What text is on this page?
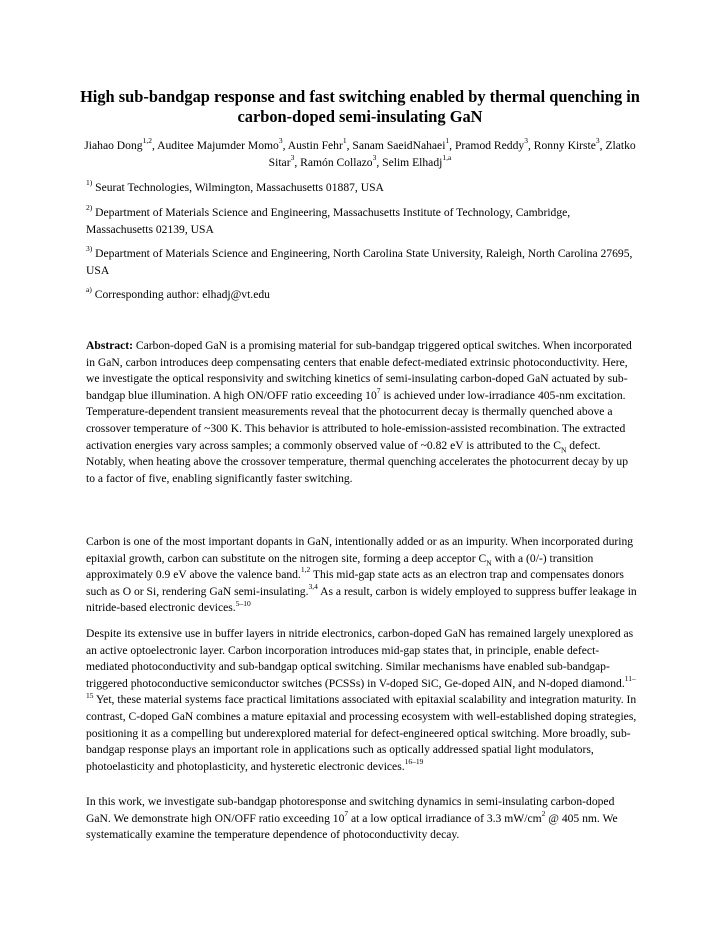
High sub-bandgap response and fast switching enabled by thermal quenching in carbon-doped semi-insulating GaN
Jiahao Dong$^{1,2}$, Auditee Majumder Momo$^3$, Austin Fehr$^1$, Sanam SaeidNahaei$^1$, Pramod Reddy$^3$, Ronny Kirste$^3$, Zlatko Sitar$^3$, Ramón Collazo$^3$, Selim Elhadj$^{1,a}$
$^{1)}$ Seurat Technologies, Wilmington, Massachusetts 01887, USA
$^{2)}$ Department of Materials Science and Engineering, Massachusetts Institute of Technology, Cambridge, Massachusetts 02139, USA
$^{3)}$ Department of Materials Science and Engineering, North Carolina State University, Raleigh, North Carolina 27695, USA
$^{a)}$ Corresponding author: elhadj@vt.edu
Abstract: Carbon-doped GaN is a promising material for sub-bandgap triggered optical switches. When incorporated in GaN, carbon introduces deep compensating centers that enable defect-mediated extrinsic photoconductivity. Here, we investigate the optical responsivity and switching kinetics of semi-insulating carbon-doped GaN actuated by sub-bandgap blue illumination. A high ON/OFF ratio exceeding $10^7$ is achieved under low-irradiance 405-nm excitation. Temperature-dependent transient measurements reveal that the photocurrent decay is thermally quenched above a crossover temperature of ~300 K. This behavior is attributed to hole-emission-assisted recombination. The extracted activation energies vary across samples; a commonly observed value of ~0.82 eV is attributed to the $C_N$ defect. Notably, when heating above the crossover temperature, thermal quenching accelerates the photocurrent decay by up to a factor of five, enabling significantly faster switching.
Carbon is one of the most important dopants in GaN, intentionally added or as an impurity. When incorporated during epitaxial growth, carbon can substitute on the nitrogen site, forming a deep acceptor $C_N$ with a (0/-) transition approximately 0.9 eV above the valence band.$^{1,2}$ This mid-gap state acts as an electron trap and compensates donors such as O or Si, rendering GaN semi-insulating.$^{3,4}$ As a result, carbon is widely employed to suppress buffer leakage in nitride-based electronic devices.$^{5-10}$
Despite its extensive use in buffer layers in nitride electronics, carbon-doped GaN has remained largely unexplored as an active optoelectronic layer. Carbon incorporation introduces mid-gap states that, in principle, enable defect-mediated photoconductivity and sub-bandgap optical switching. Similar mechanisms have enabled sub-bandgap-triggered photoconductive semiconductor switches (PCSSs) in V-doped SiC, Ge-doped AlN, and N-doped diamond.$^{11-15}$ Yet, these material systems face practical limitations associated with epitaxial scalability and integration maturity. In contrast, C-doped GaN combines a mature epitaxial and processing ecosystem with well-established doping strategies, positioning it as a compelling but underexplored material for defect-engineered optical switching. More broadly, sub-bandgap response plays an important role in applications such as optically addressed spatial light modulators, photoelasticity and photoplasticity, and hysteretic electronic devices.$^{16-19}$
In this work, we investigate sub-bandgap photoresponse and switching dynamics in semi-insulating carbon-doped GaN. We demonstrate high ON/OFF ratio exceeding $10^7$ at a low optical irradiance of 3.3 $mW/cm^2$ @ 405 nm. We systematically examine the temperature dependence of photoconductivity decay.
